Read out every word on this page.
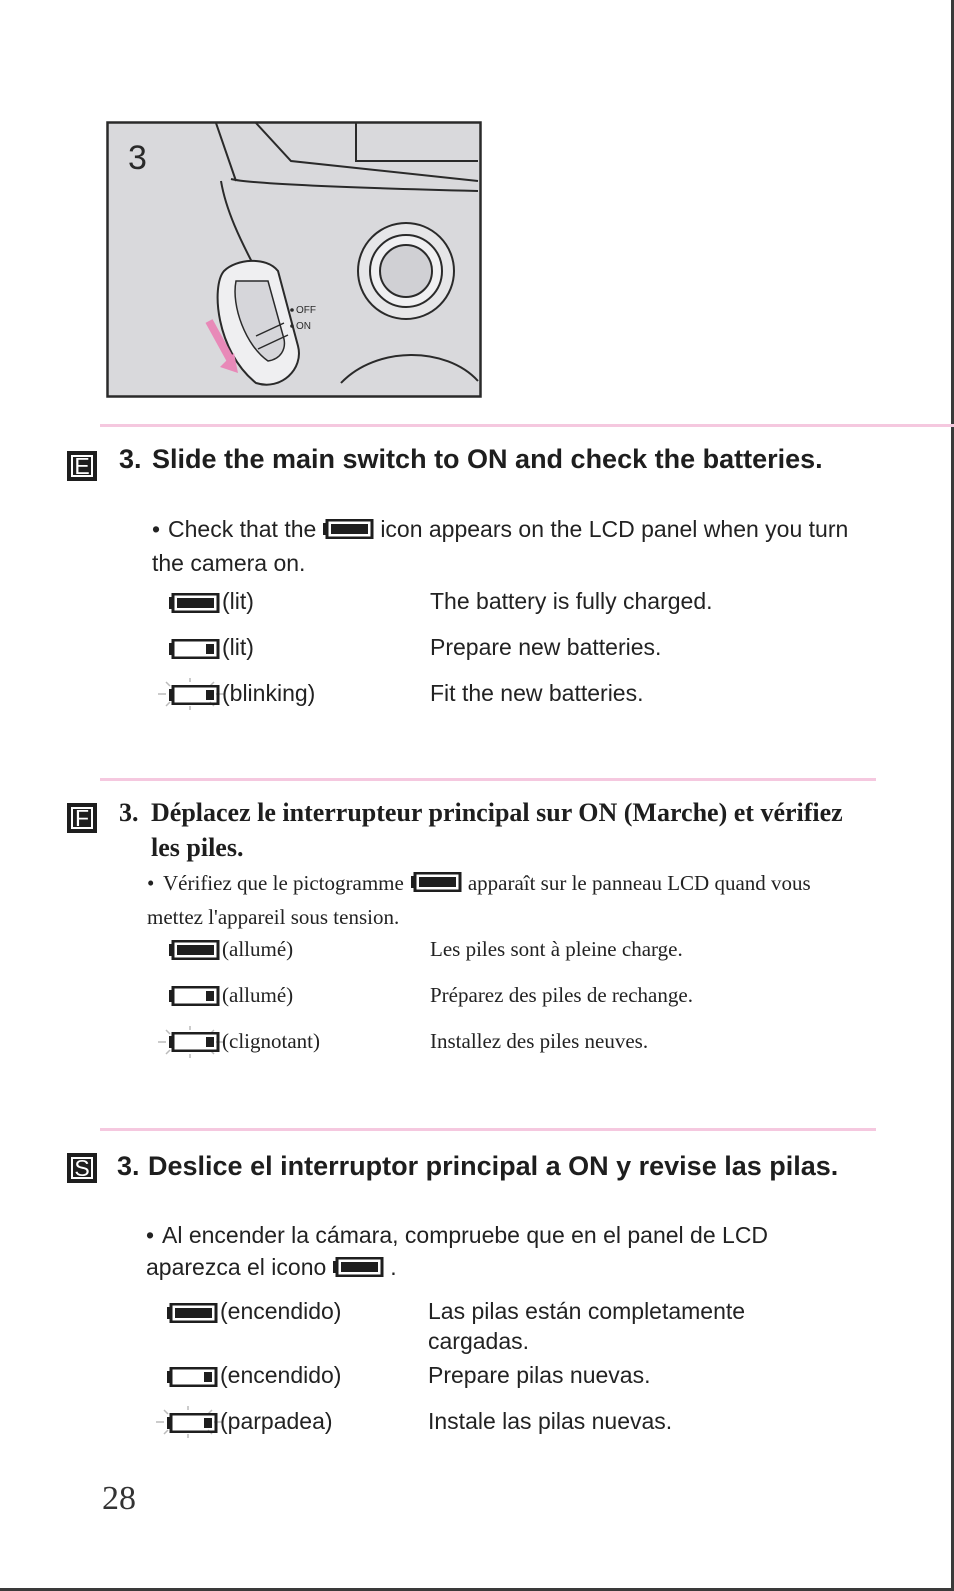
3
OFF
ON
E 3. Slide the main switch to ON and check the batteries.
• Check that the	icon appears on the LCD panel when you turn the camera on.
(lit)	The battery is fully charged.
(lit)	Prepare new batteries.
(blinking)	Fit the new batteries.
F 3. Déplacez le interrupteur principal sur ON (Marche) et vérifiez les piles.
• Vérifiez que le pictogramme	apparaît sur le panneau LCD quand vous mettez l'appareil sous tension.
(allumé)	Les piles sont à pleine charge.
(allumé)	Préparez des piles de rechange.
(clignotant)	Installez des piles neuves.
S 3. Deslice el interruptor principal a ON y revise las pilas.
• Al encender la cámara, compruebe que en el panel de LCD aparezca el icono	.
(encendido)	Las pilas están completamente cargadas.
(encendido)	Prepare pilas nuevas.
(parpadea)	Instale las pilas nuevas.
28
